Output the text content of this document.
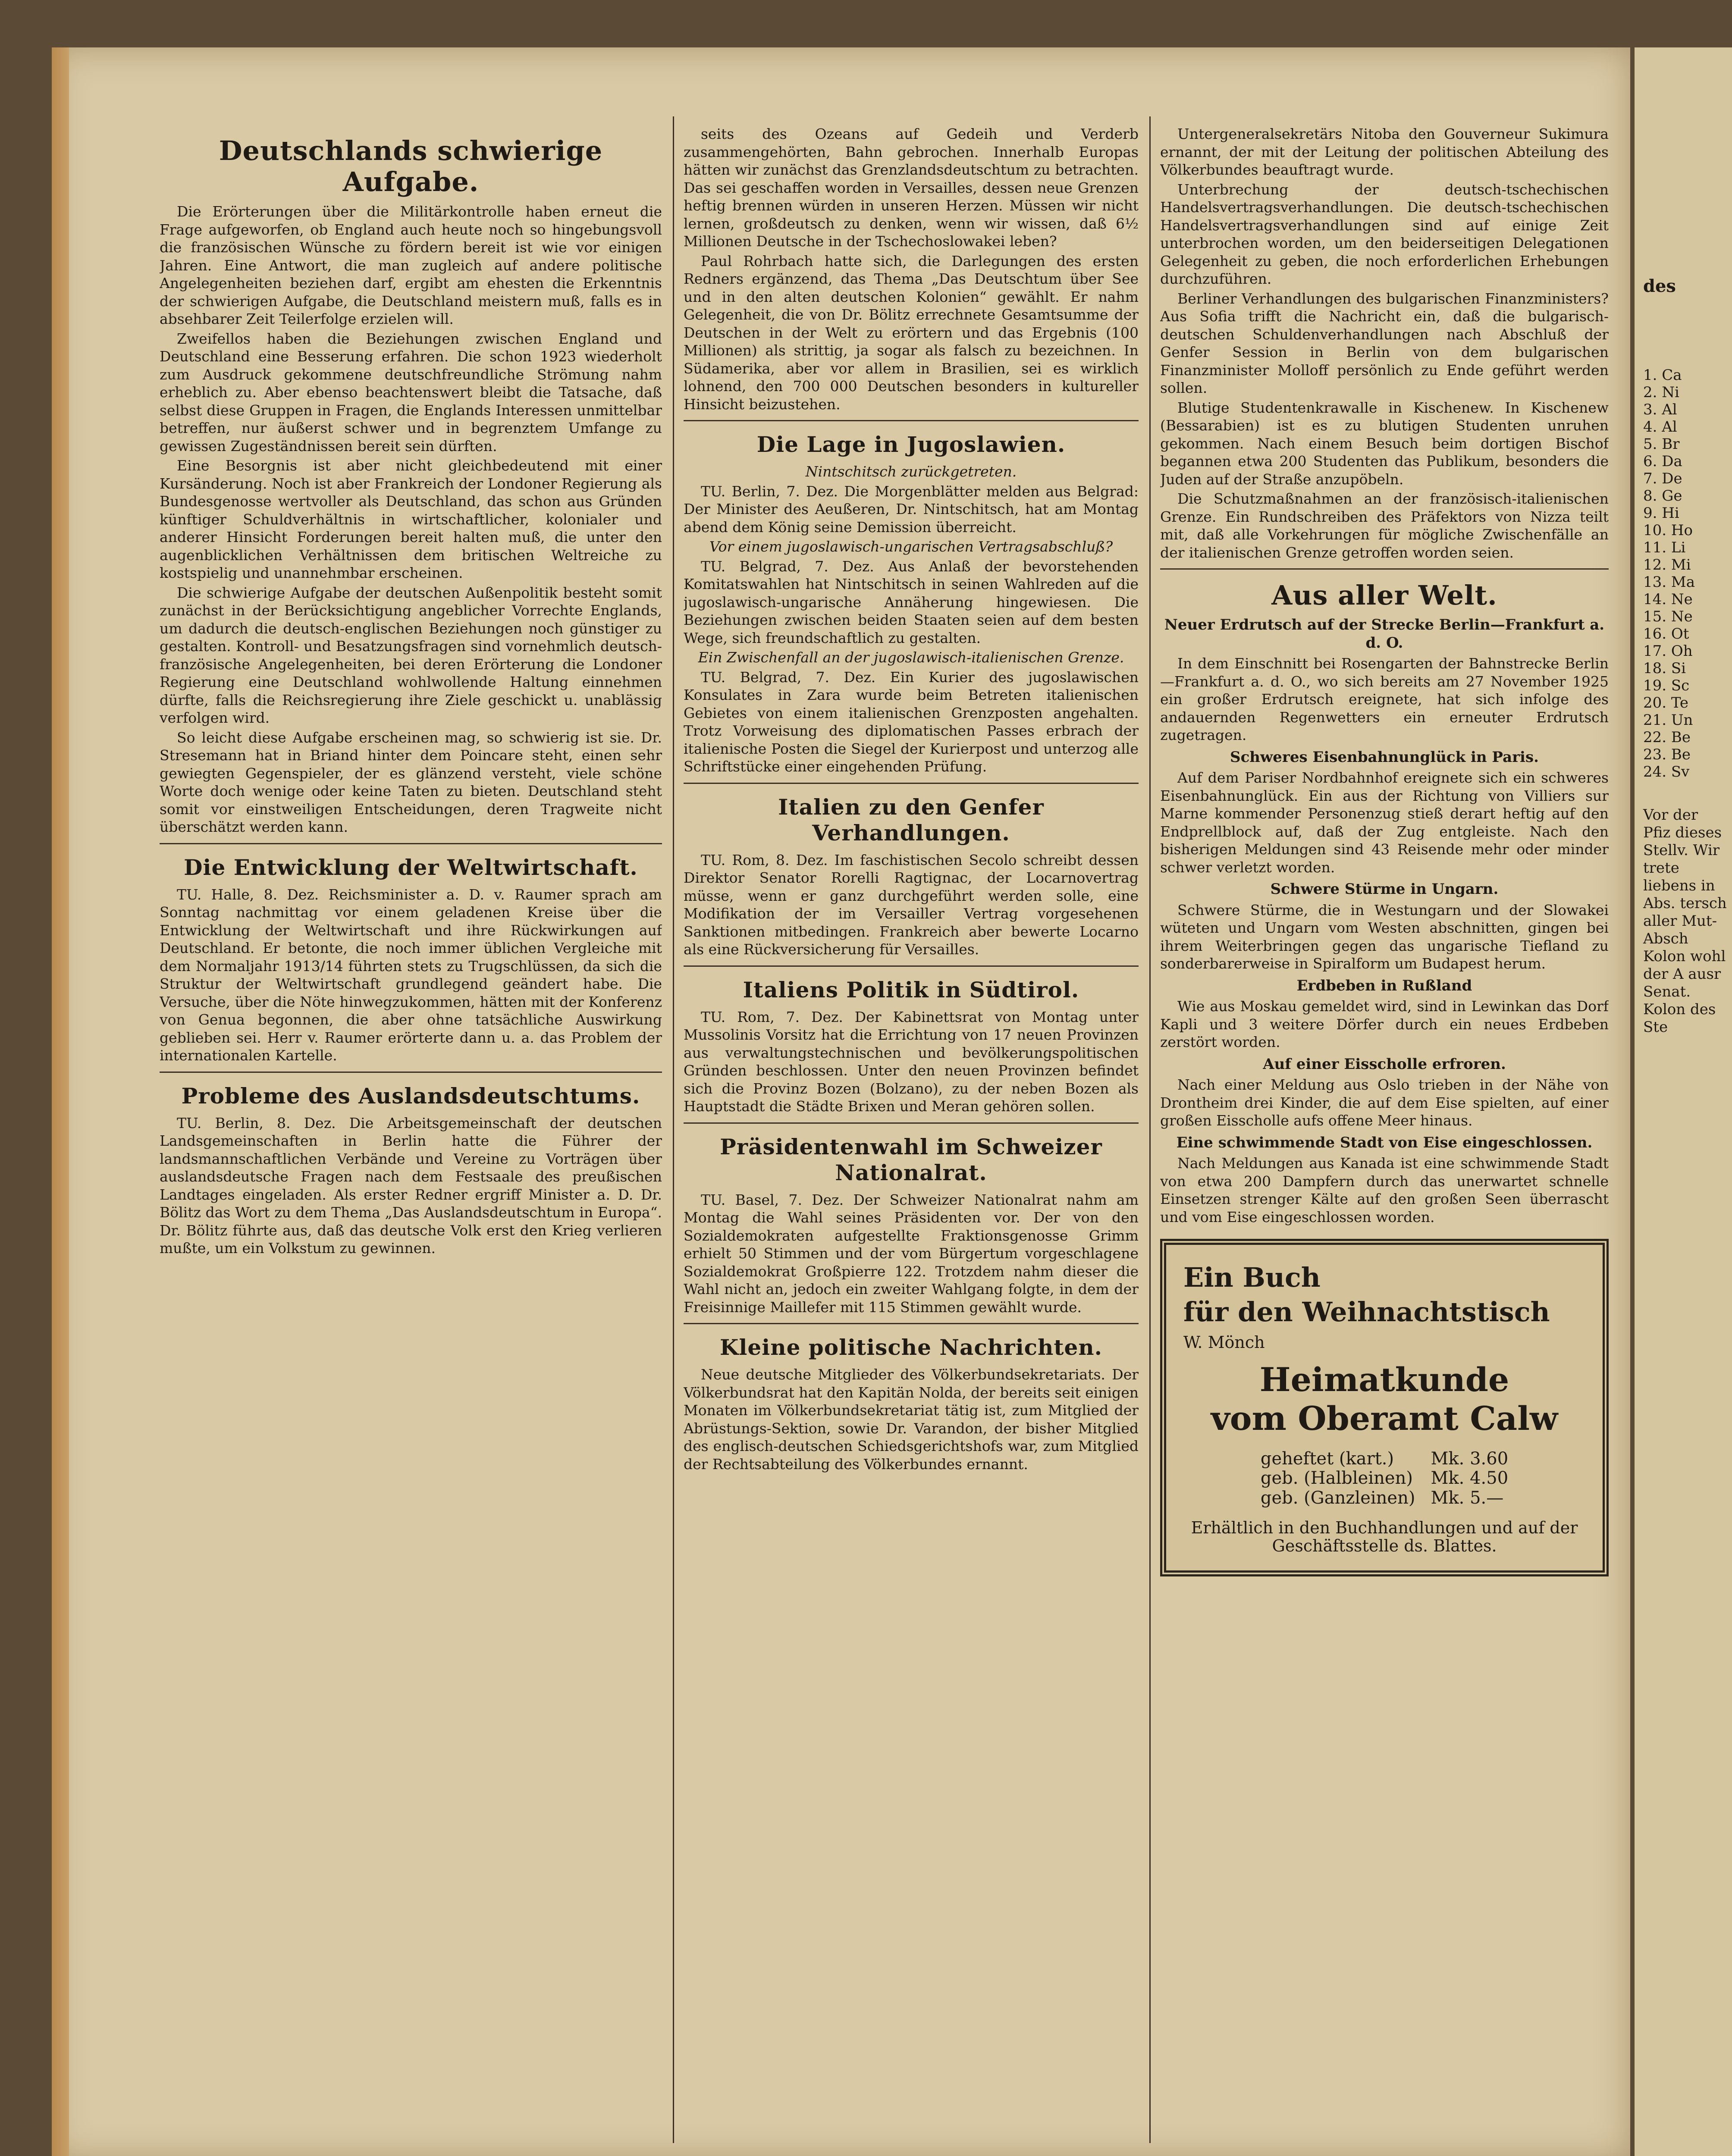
Deutschlands schwierige Aufgabe.

Die Erörterungen über die Militärkontrolle haben erneut die Frage aufgeworfen, ob England auch heute noch so hingebungsvoll die französischen Wünsche zu fördern bereit ist wie vor einigen Jahren. Eine Antwort, die man zugleich auf andere politische Angelegenheiten beziehen darf, ergibt am ehesten die Erkenntnis der schwierigen Aufgabe, die Deutschland meistern muß, falls es in absehbarer Zeit Teilerfolge erzielen will.

Zweifellos haben die Beziehungen zwischen England und Deutschland eine Besserung erfahren. Die schon 1923 wiederholt zum Ausdruck gekommene deutschfreundliche Strömung nahm erheblich zu. Aber ebenso beachtenswert bleibt die Tatsache, daß selbst diese Gruppen in Fragen, die Englands Interessen unmittelbar betreffen, nur äußerst schwer und in begrenztem Umfange zu gewissen Zugeständnissen bereit sein dürften.

Eine Besorgnis ist aber nicht gleichbedeutend mit einer Kursänderung. Noch ist aber Frankreich der Londoner Regierung als Bundesgenosse wertvoller als Deutschland, das schon aus Gründen künftiger Schuldverhältnis in wirtschaftlicher, kolonialer und anderer Hinsicht Forderungen bereit halten muß, die unter den augenblicklichen Verhältnissen dem britischen Weltreiche zu kostspielig und unannehmbar erscheinen.

Die schwierige Aufgabe der deutschen Außenpolitik besteht somit zunächst in der Berücksichtigung angeblicher Vorrechte Englands, um dadurch die deutsch-englischen Beziehungen noch günstiger zu gestalten. Kontroll- und Besatzungsfragen sind vornehmlich deutsch-französische Angelegenheiten, bei deren Erörterung die Londoner Regierung eine Deutschland wohlwollende Haltung einnehmen dürfte, falls die Reichsregierung ihre Ziele geschickt u. unablässig verfolgen wird.

So leicht diese Aufgabe erscheinen mag, so schwierig ist sie. Dr. Stresemann hat in Briand hinter dem Poincare steht, einen sehr gewiegten Gegenspieler, der es glänzend versteht, viele schöne Worte doch wenige oder keine Taten zu bieten. Deutschland steht somit vor einstweiligen Entscheidungen, deren Tragweite nicht überschätzt werden kann.

Die Entwicklung der Weltwirtschaft.

TU. Halle, 8. Dez. Reichsminister a. D. v. Raumer sprach am Sonntag nachmittag vor einem geladenen Kreise über die Entwicklung der Weltwirtschaft und ihre Rückwirkungen auf Deutschland. Er betonte, die noch immer üblichen Vergleiche mit dem Normaljahr 1913/14 führten stets zu Trugschlüssen, da sich die Struktur der Weltwirtschaft grundlegend geändert habe. Die Versuche, über die Nöte hinwegzukommen, hätten mit der Konferenz von Genua begonnen, die aber ohne tatsächliche Auswirkung geblieben sei. Herr v. Raumer erörterte dann u. a. das Problem der internationalen Kartelle.

Probleme des Auslandsdeutschtums.

TU. Berlin, 8. Dez. Die Arbeitsgemeinschaft der deutschen Landsgemeinschaften in Berlin hatte die Führer der landsmannschaftlichen Verbände und Vereine zu Vorträgen über auslandsdeutsche Fragen nach dem Festsaale des preußischen Landtages eingeladen. Als erster Redner ergriff Minister a. D. Dr. Bölitz das Wort zu dem Thema „Das Auslandsdeutschtum in Europa“. Dr. Bölitz führte aus, daß das deutsche Volk erst den Krieg verlieren mußte, um ein Volkstum zu gewinnen.

seits des Ozeans auf Gedeih und Verderb zusammengehörten, Bahn gebrochen. Innerhalb Europas hätten wir zunächst das Grenzlandsdeutschtum zu betrachten. Das sei geschaffen worden in Versailles, dessen neue Grenzen heftig brennen würden in unseren Herzen. Müssen wir nicht lernen, großdeutsch zu denken, wenn wir wissen, daß 6½ Millionen Deutsche in der Tschechoslowakei leben?

Paul Rohrbach hatte sich, die Darlegungen des ersten Redners ergänzend, das Thema „Das Deutschtum über See und in den alten deutschen Kolonien“ gewählt. Er nahm Gelegenheit, die von Dr. Bölitz errechnete Gesamtsumme der Deutschen in der Welt zu erörtern und das Ergebnis (100 Millionen) als strittig, ja sogar als falsch zu bezeichnen. In Südamerika, aber vor allem in Brasilien, sei es wirklich lohnend, den 700 000 Deutschen besonders in kultureller Hinsicht beizustehen.

Die Lage in Jugoslawien.
Nintschitsch zurückgetreten.

TU. Berlin, 7. Dez. Die Morgenblätter melden aus Belgrad: Der Minister des Aeußeren, Dr. Nintschitsch, hat am Montag abend dem König seine Demission überreicht.

Vor einem jugoslawisch-ungarischen Vertragsabschluß?

TU. Belgrad, 7. Dez. Aus Anlaß der bevorstehenden Komitatswahlen hat Nintschitsch in seinen Wahlreden auf die jugoslawisch-ungarische Annäherung hingewiesen. Die Beziehungen zwischen beiden Staaten seien auf dem besten Wege, sich freundschaftlich zu gestalten.

Ein Zwischenfall an der jugoslawisch-italienischen Grenze.

TU. Belgrad, 7. Dez. Ein Kurier des jugoslawischen Konsulates in Zara wurde beim Betreten italienischen Gebietes von einem italienischen Grenzposten angehalten. Trotz Vorweisung des diplomatischen Passes erbrach der italienische Posten die Siegel der Kurierpost und unterzog alle Schriftstücke einer eingehenden Prüfung.

Italien zu den Genfer Verhandlungen.

TU. Rom, 8. Dez. Im faschistischen Secolo schreibt dessen Direktor Senator Rorelli Ragtignac, der Locarnovertrag müsse, wenn er ganz durchgeführt werden solle, eine Modifikation der im Versailler Vertrag vorgesehenen Sanktionen mitbedingen. Frankreich aber bewerte Locarno als eine Rückversicherung für Versailles.

Italiens Politik in Südtirol.

TU. Rom, 7. Dez. Der Kabinettsrat von Montag unter Mussolinis Vorsitz hat die Errichtung von 17 neuen Provinzen aus verwaltungstechnischen und bevölkerungspolitischen Gründen beschlossen. Unter den neuen Provinzen befindet sich die Provinz Bozen (Bolzano), zu der neben Bozen als Hauptstadt die Städte Brixen und Meran gehören sollen.

Präsidentenwahl im Schweizer Nationalrat.

TU. Basel, 7. Dez. Der Schweizer Nationalrat nahm am Montag die Wahl seines Präsidenten vor. Der von den Sozialdemokraten aufgestellte Fraktionsgenosse Grimm erhielt 50 Stimmen und der vom Bürgertum vorgeschlagene Sozialdemokrat Großpierre 122. Trotzdem nahm dieser die Wahl nicht an, jedoch ein zweiter Wahlgang folgte, in dem der Freisinnige Maillefer mit 115 Stimmen gewählt wurde.

Kleine politische Nachrichten.

Neue deutsche Mitglieder des Völkerbundsekretariats. Der Völkerbundsrat hat den Kapitän Nolda, der bereits seit einigen Monaten im Völkerbundsekretariat tätig ist, zum Mitglied der Abrüstungs-Sektion, sowie Dr. Varandon, der bisher Mitglied des englisch-deutschen Schiedsgerichtshofs war, zum Mitglied der Rechtsabteilung des Völkerbundes ernannt.

Untergeneralsekretärs Nitoba den Gouverneur Sukimura ernannt, der mit der Leitung der politischen Abteilung des Völkerbundes beauftragt wurde.

Unterbrechung der deutsch-tschechischen Handelsvertragsverhandlungen. Die deutsch-tschechischen Handelsvertragsverhandlungen sind auf einige Zeit unterbrochen worden, um den beiderseitigen Delegationen Gelegenheit zu geben, die noch erforderlichen Erhebungen durchzuführen.

Berliner Verhandlungen des bulgarischen Finanzministers? Aus Sofia trifft die Nachricht ein, daß die bulgarisch-deutschen Schuldenverhandlungen nach Abschluß der Genfer Session in Berlin von dem bulgarischen Finanzminister Molloff persönlich zu Ende geführt werden sollen.

Blutige Studentenkrawalle in Kischenew. In Kischenew (Bessarabien) ist es zu blutigen Studenten unruhen gekommen. Nach einem Besuch beim dortigen Bischof begannen etwa 200 Studenten das Publikum, besonders die Juden auf der Straße anzupöbeln.

Die Schutzmaßnahmen an der französisch-italienischen Grenze. Ein Rundschreiben des Präfektors von Nizza teilt mit, daß alle Vorkehrungen für mögliche Zwischenfälle an der italienischen Grenze getroffen worden seien.

Aus aller Welt.
Neuer Erdrutsch auf der Strecke Berlin—Frankfurt a. d. O.

In dem Einschnitt bei Rosengarten der Bahnstrecke Berlin—Frankfurt a. d. O., wo sich bereits am 27 November 1925 ein großer Erdrutsch ereignete, hat sich infolge des andauernden Regenwetters ein erneuter Erdrutsch zugetragen.

Schweres Eisenbahnunglück in Paris.

Auf dem Pariser Nordbahnhof ereignete sich ein schweres Eisenbahnunglück. Ein aus der Richtung von Villiers sur Marne kommender Personenzug stieß derart heftig auf den Endprellblock auf, daß der Zug entgleiste. Nach den bisherigen Meldungen sind 43 Reisende mehr oder minder schwer verletzt worden.

Schwere Stürme in Ungarn.

Schwere Stürme, die in Westungarn und der Slowakei wüteten und Ungarn vom Westen abschnitten, gingen bei ihrem Weiterbringen gegen das ungarische Tiefland zu sonderbarerweise in Spiralform um Budapest herum.

Erdbeben in Rußland

Wie aus Moskau gemeldet wird, sind in Lewinkan das Dorf Kapli und 3 weitere Dörfer durch ein neues Erdbeben zerstört worden.

Auf einer Eisscholle erfroren.

Nach einer Meldung aus Oslo trieben in der Nähe von Drontheim drei Kinder, die auf dem Eise spielten, auf einer großen Eisscholle aufs offene Meer hinaus.

Eine schwimmende Stadt von Eise eingeschlossen.

Nach Meldungen aus Kanada ist eine schwimmende Stadt von etwa 200 Dampfern durch das unerwartet schnelle Einsetzen strenger Kälte auf den großen Seen überrascht und vom Eise eingeschlossen worden.

Ein Buch
für den Weihnachtstisch
W. Mönch
Heimatkunde
vom Oberamt Calw
geheftet (kart.)	Mk. 3.60
geb. (Halbleinen)	Mk. 4.50
geb. (Ganzleinen)	Mk. 5.—
Erhältlich in den Buchhandlungen und auf der Geschäftsstelle ds. Blattes.
des
1. Ca
2. Ni
3. Al
4. Al
5. Br
6. Da
7. De
8. Ge
9. Hi
10. Ho
11. Li
12. Mi
13. Ma
14. Ne
15. Ne
16. Ot
17. Oh
18. Si
19. Sc
20. Te
21. Un
22. Be
23. Be
24. Sv
Vor der Pfiz dieses Stellv. Wir trete liebens in Abs. tersch aller Mut- Absch Kolon wohl der A ausr Senat. Kolon des Ste
